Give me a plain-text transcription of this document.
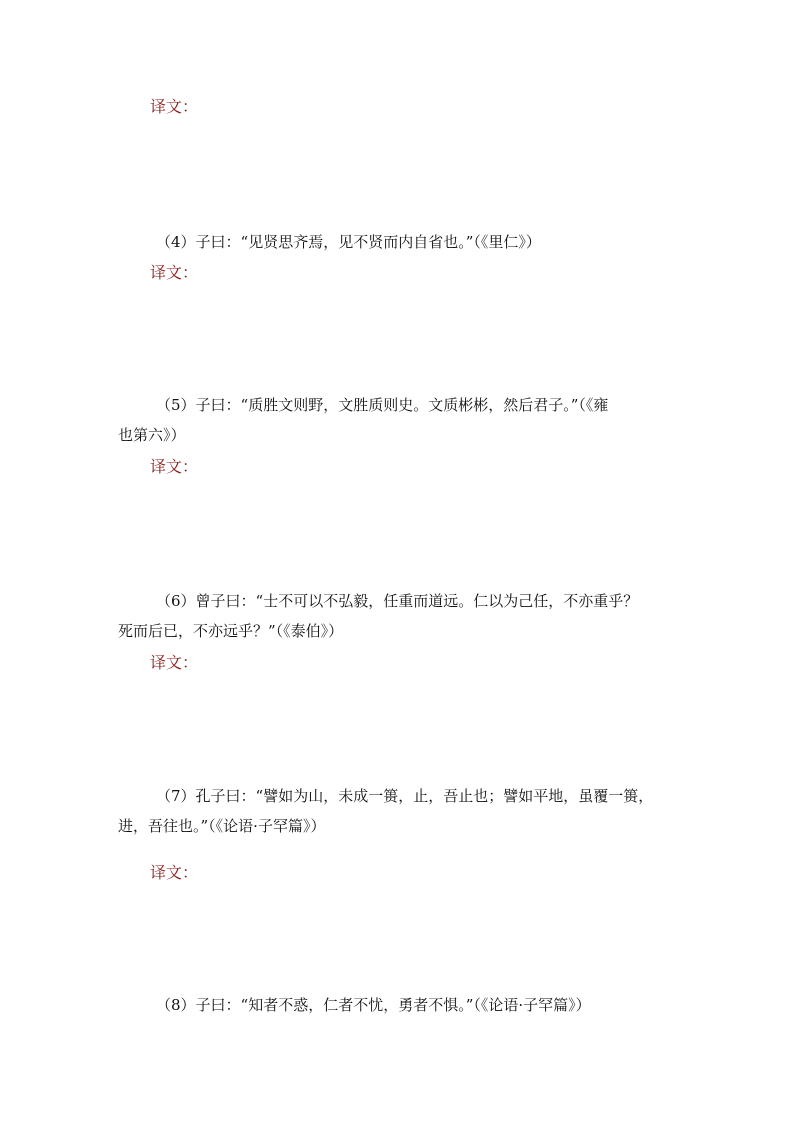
译文：
（4）子曰：“见贤思齐焉，见不贤而内自省也。”（《里仁》）
译文：
（5）子曰：“质胜文则野，文胜质则史。文质彬彬，然后君子。”（《雍
也第六》）
译文：
（6）曾子曰：“士不可以不弘毅，任重而道远。仁以为己任，不亦重乎？
死而后已，不亦远乎？”（《泰伯》）
译文：
（7）孔子曰：“譬如为山，未成一篑，止，吾止也；譬如平地，虽覆一篑，
进，吾往也。”（《论语·子罕篇》）
译文：
（8）子曰：“知者不惑，仁者不忧，勇者不惧。”（《论语·子罕篇》）
